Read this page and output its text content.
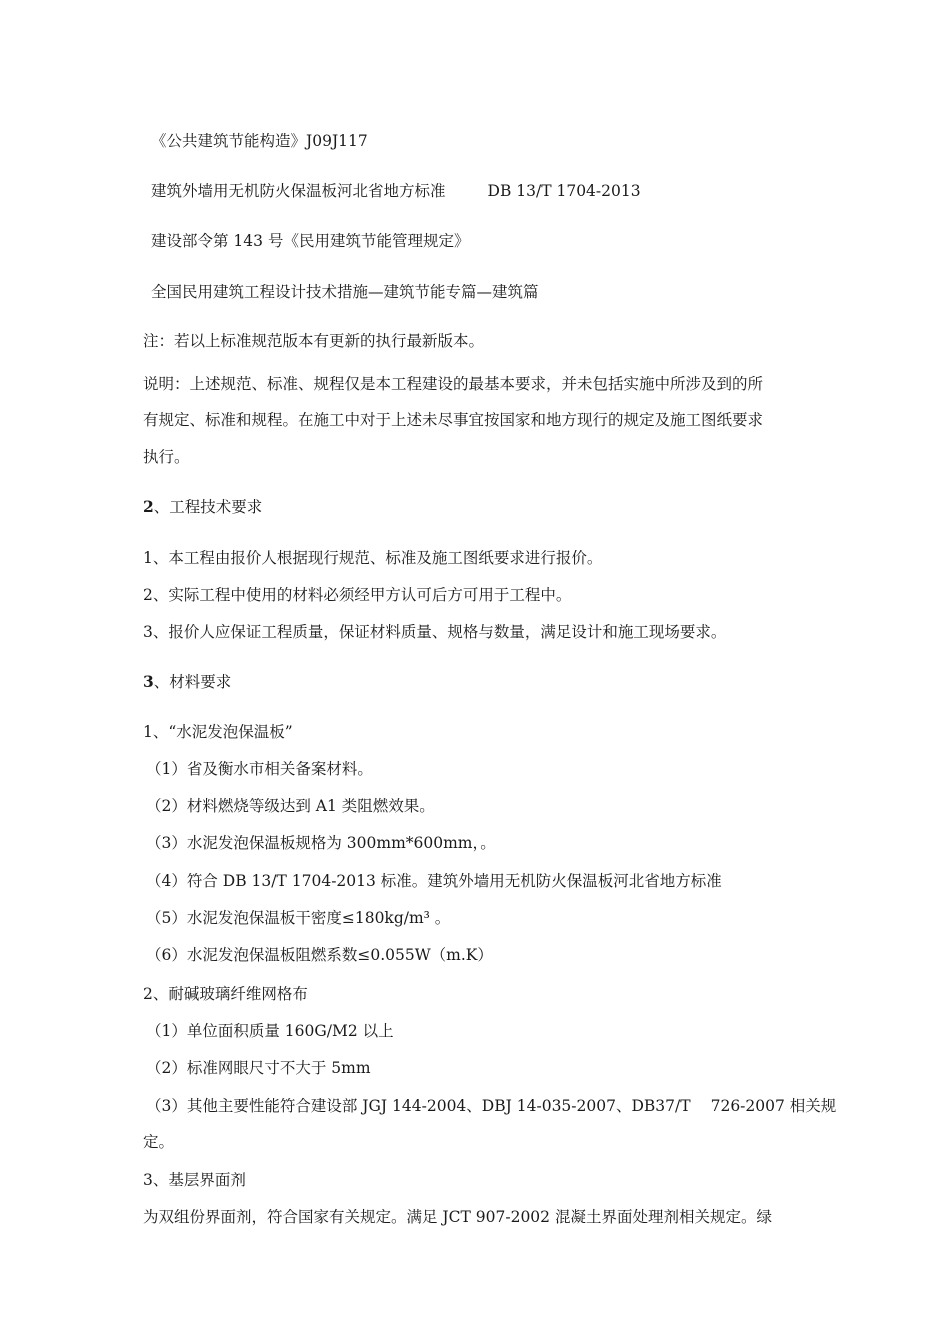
《公共建筑节能构造》J09J117
建筑外墙用无机防火保温板河北省地方标准	DB 13/T 1704-2013
建设部令第 143 号《民用建筑节能管理规定》
全国民用建筑工程设计技术措施—建筑节能专篇—建筑篇
注：若以上标准规范版本有更新的执行最新版本。
说明：上述规范、标准、规程仅是本工程建设的最基本要求，并未包括实施中所涉及到的所
有规定、标准和规程。在施工中对于上述未尽事宜按国家和地方现行的规定及施工图纸要求
执行。
2、工程技术要求
1、本工程由报价人根据现行规范、标准及施工图纸要求进行报价。
2、实际工程中使用的材料必须经甲方认可后方可用于工程中。
3、报价人应保证工程质量，保证材料质量、规格与数量，满足设计和施工现场要求。
3、材料要求
1、“水泥发泡保温板”
（1）省及衡水市相关备案材料。
（2）材料燃烧等级达到 A1 类阻燃效果。
（3）水泥发泡保温板规格为 300mm*600mm，。
（4）符合 DB 13/T 1704-2013 标准。建筑外墙用无机防火保温板河北省地方标准
（5）水泥发泡保温板干密度≤180kg/m³ 。
（6）水泥发泡保温板阻燃系数≤0.055W（m.K）
2、耐碱玻璃纤维网格布
（1）单位面积质量 160G/M2 以上
（2）标准网眼尺寸不大于 5mm
（3）其他主要性能符合建设部 JGJ 144-2004、DBJ 14-035-2007、DB37/T 726-2007 相关规
定。
3、基层界面剂
为双组份界面剂，符合国家有关规定。满足 JCT 907-2002 混凝土界面处理剂相关规定。绿
